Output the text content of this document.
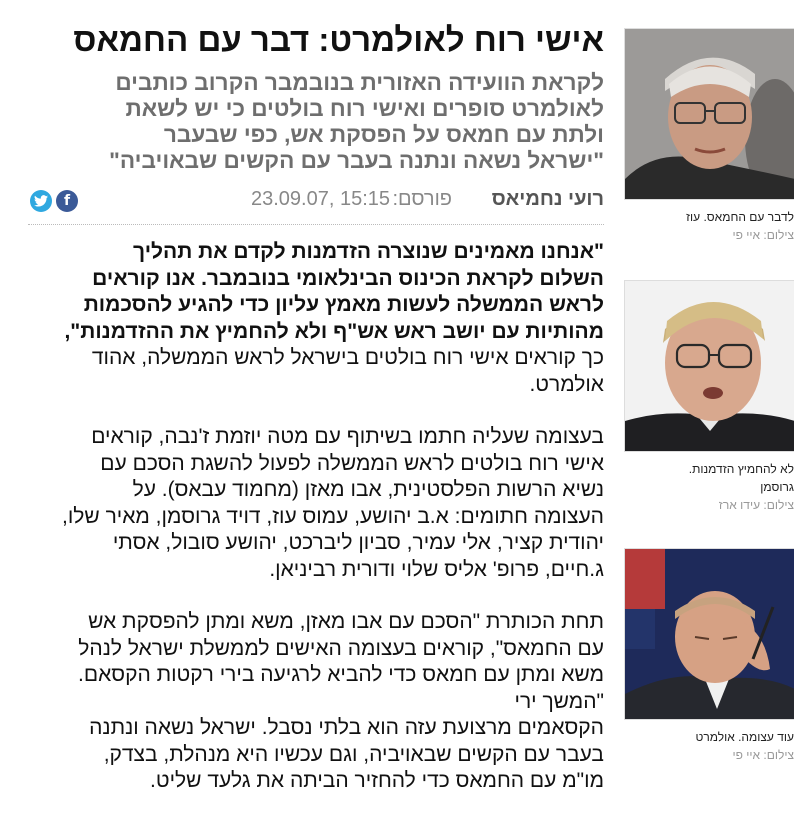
אישי רוח לאולמרט: דבר עם החמאס
לקראת הוועידה האזורית בנובמבר הקרוב כותבים
לאולמרט סופרים ואישי רוח בולטים כי יש לשאת
ולתת עם חמאס על הפסקת אש, כפי שבעבר
"ישראל נשאה ונתנה בעבר עם הקשים שבאויביה"
רועי נחמיאס
פורסם:
23.09.07, 15:15
f
"אנחנו מאמינים שנוצרה הזדמנות לקדם את תהליך
השלום לקראת הכינוס הבינלאומי בנובמבר. אנו קוראים
לראש הממשלה לעשות מאמץ עליון כדי להגיע להסכמות
מהותיות עם יושב ראש אש"ף ולא להחמיץ את ההזדמנות",
כך קוראים אישי רוח בולטים בישראל לראש הממשלה, אהוד
אולמרט.
בעצומה שעליה חתמו בשיתוף עם מטה יוזמת ז'נבה, קוראים
אישי רוח בולטים לראש הממשלה לפעול להשגת הסכם עם
נשיא הרשות הפלסטינית, אבו מאזן (מחמוד עבאס). על
העצומה חתומים: א.ב יהושע, עמוס עוז, דויד גרוסמן, מאיר שלו,
יהודית קציר, אלי עמיר, סביון ליברכט, יהושע סובול, אסתי
ג.חיים, פרופ' אליס שלוי ודורית רביניאן.
תחת הכותרת "הסכם עם אבו מאזן, משא ומתן להפסקת אש
עם החמאס", קוראים בעצומה האישים לממשלת ישראל לנהל
משא ומתן עם חמאס כדי להביא לרגיעה בירי רקטות הקסאם.
"המשך ירי
הקסאמים מרצועת עזה הוא בלתי נסבל. ישראל נשאה ונתנה
בעבר עם הקשים שבאויביה, וגם עכשיו היא מנהלת, בצדק,
מו"מ עם החמאס כדי להחזיר הביתה את גלעד שליט.
לדבר עם החמאס. עוז
צילום: איי פי
לא להחמיץ הזדמנות.
גרוסמן
צילום: עידו ארז
עוד עצומה. אולמרט
צילום: איי פי
